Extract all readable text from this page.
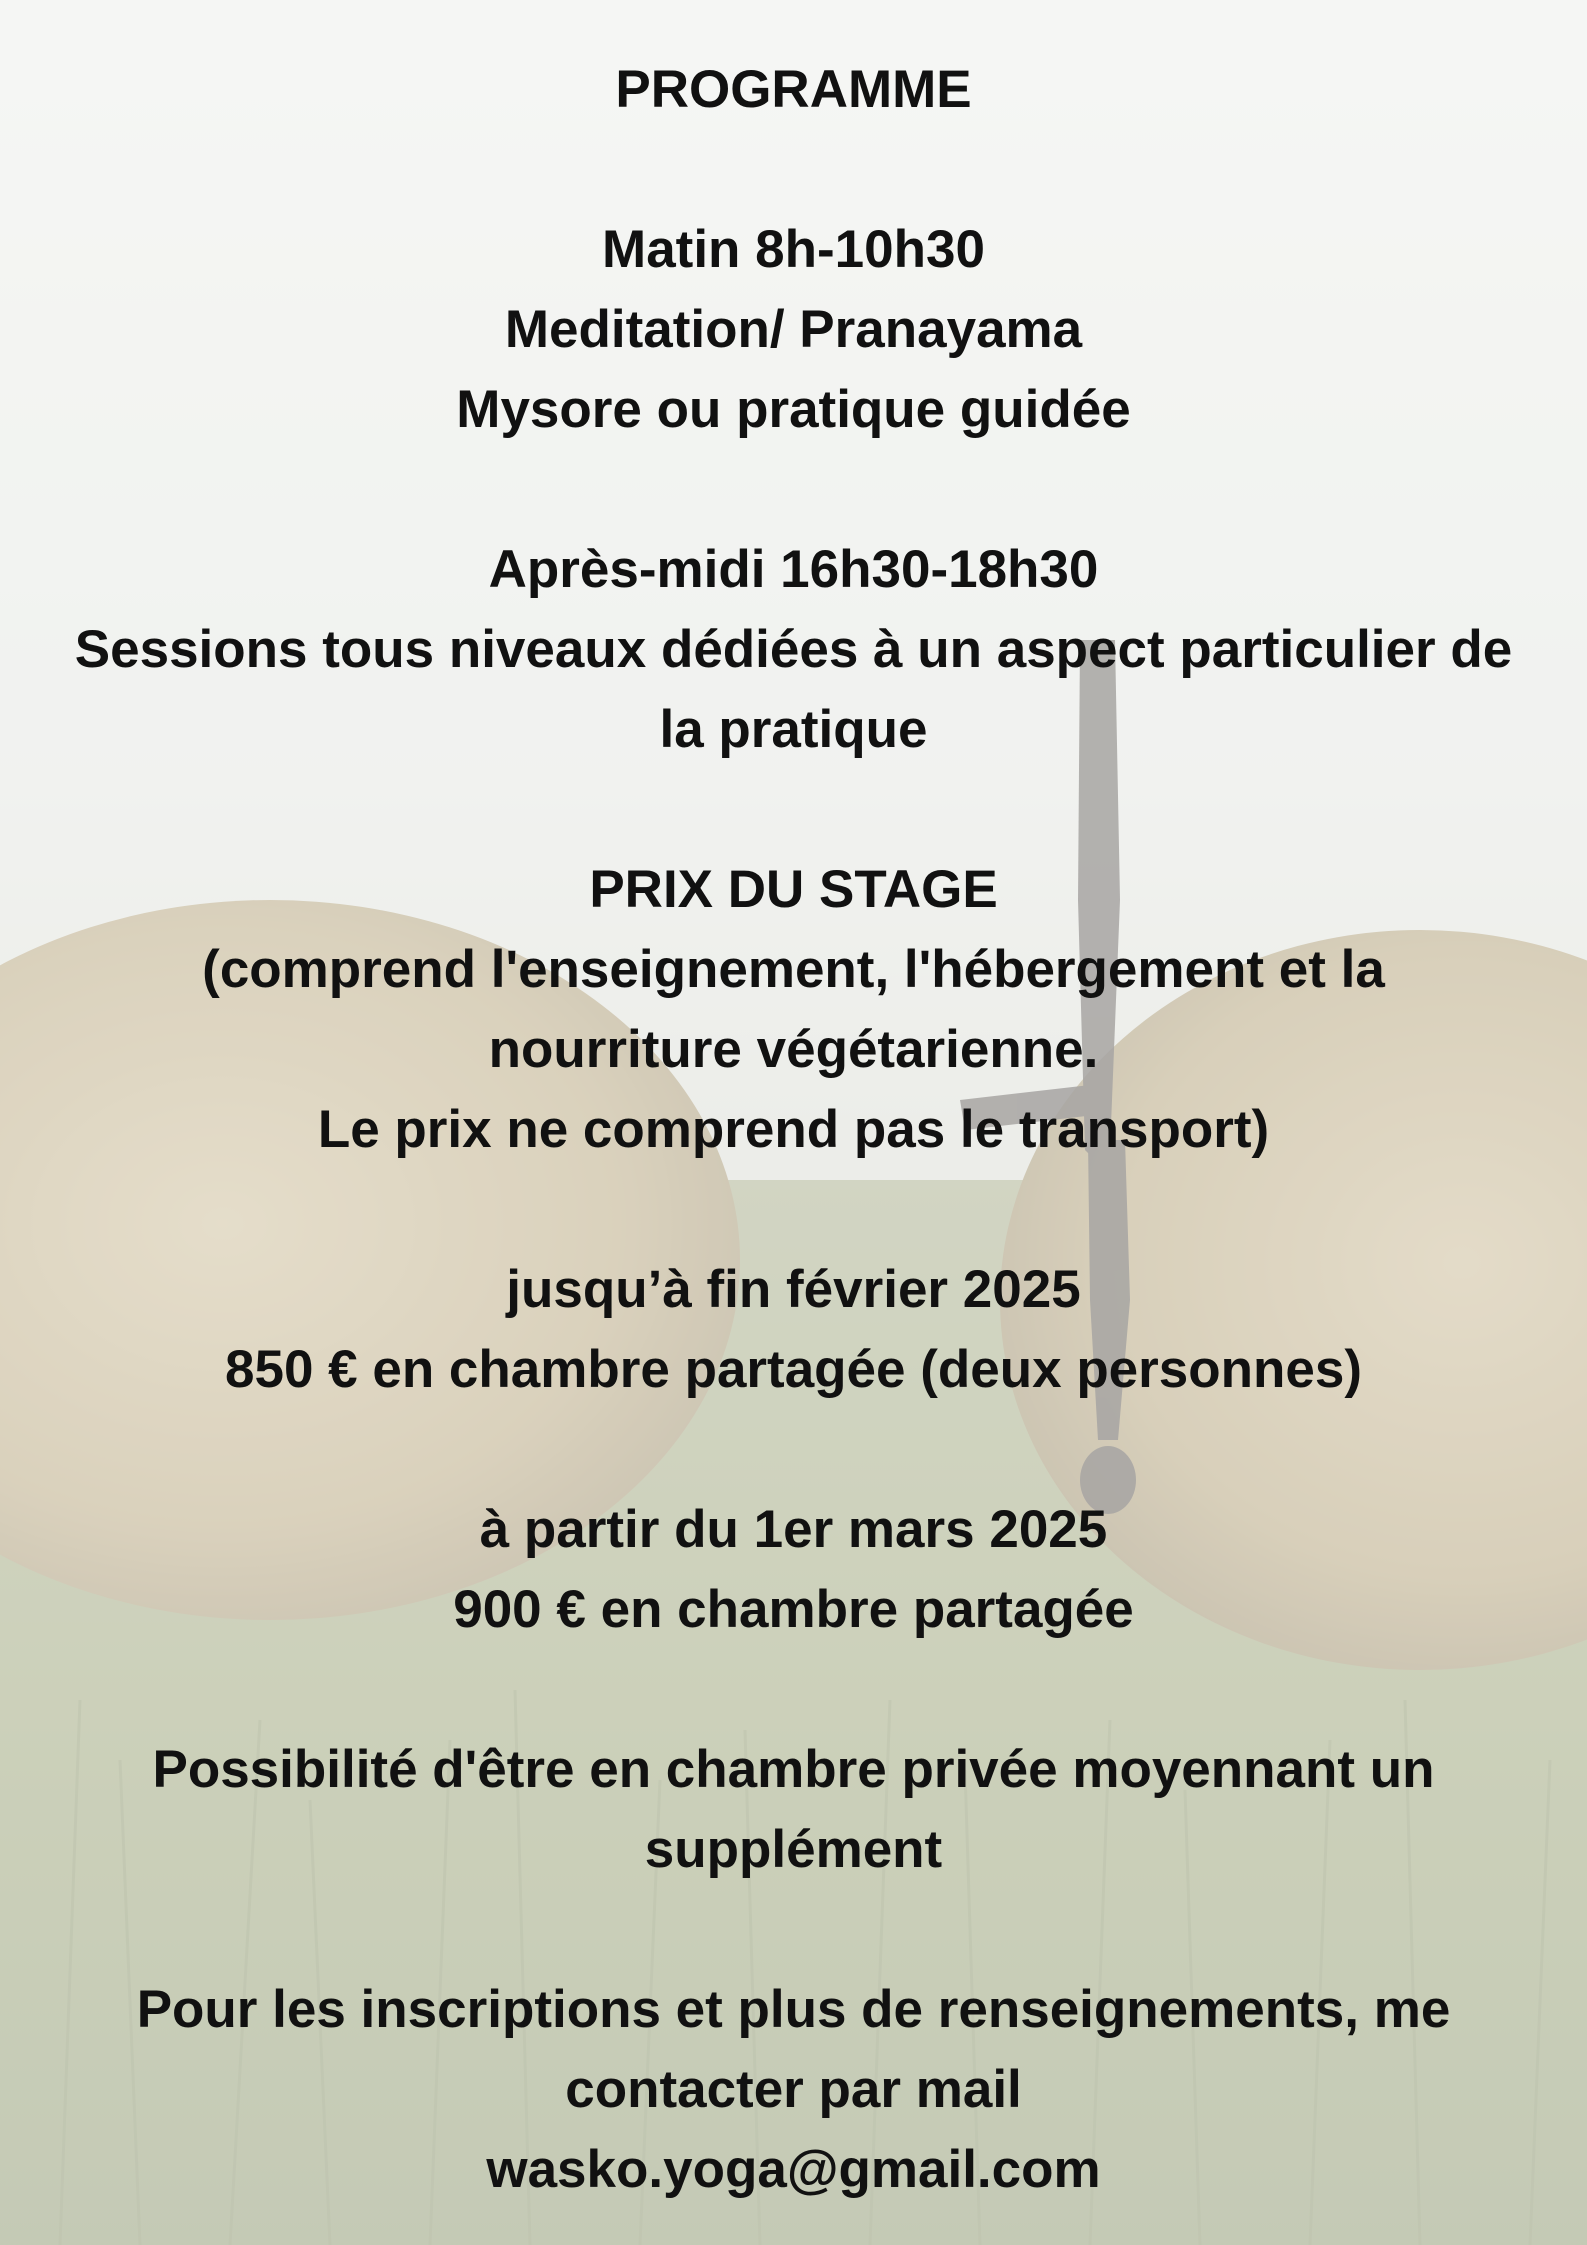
PROGRAMME
Matin 8h-10h30
Meditation/ Pranayama
Mysore ou pratique guidée
Après-midi 16h30-18h30
Sessions tous niveaux dédiées à un aspect particulier de
la pratique
PRIX DU STAGE
(comprend l'enseignement, l'hébergement et la
nourriture végétarienne.
Le prix ne comprend pas le transport)
jusqu’à fin février 2025
850 € en chambre partagée (deux personnes)
à partir du 1er mars 2025
900 € en chambre partagée
Possibilité d'être en chambre privée moyennant un
supplément
Pour les inscriptions et plus de renseignements, me
contacter par mail
wasko.yoga@gmail.com
